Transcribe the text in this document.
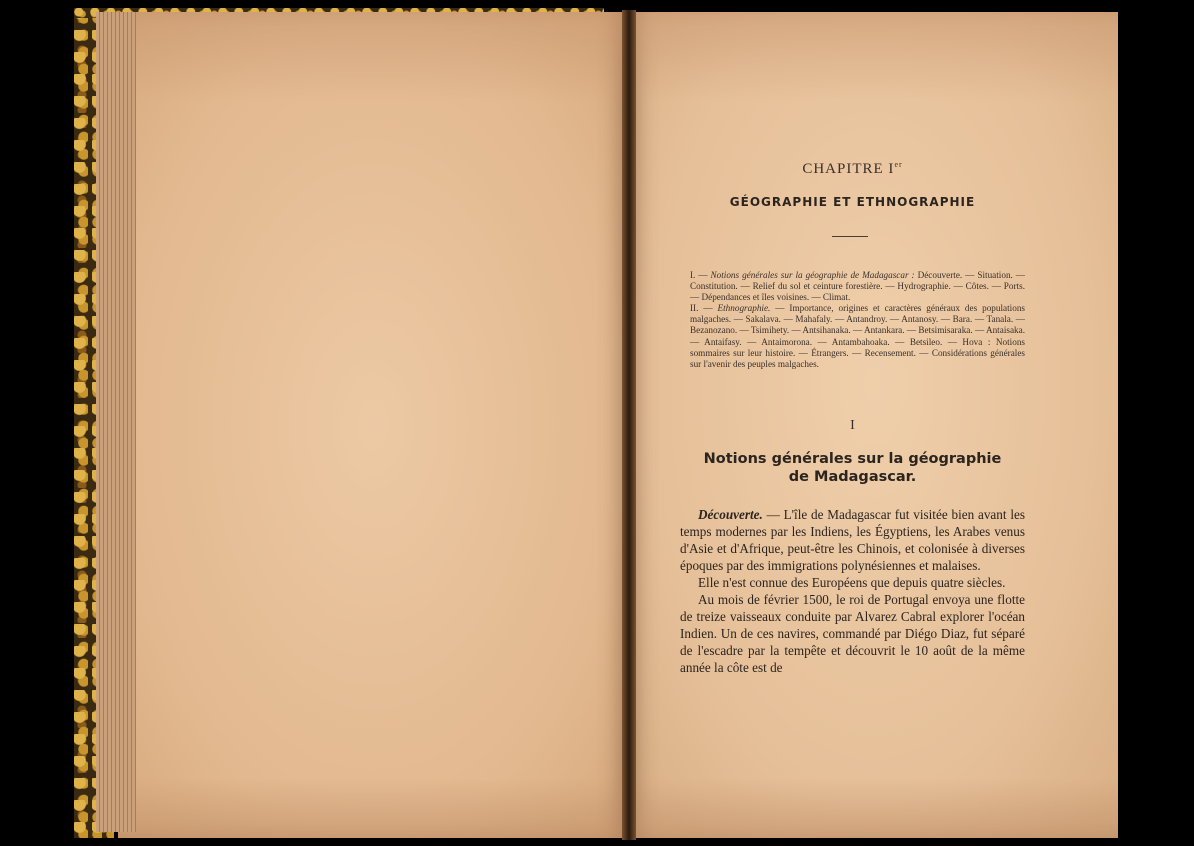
CHAPITRE Ier
GÉOGRAPHIE ET ETHNOGRAPHIE

I. — Notions générales sur la géographie de Madagascar : Découverte. — Situation. — Constitution. — Relief du sol et ceinture forestière. — Hydrographie. — Côtes. — Ports. — Dépendances et îles voisines. — Climat.

II. — Ethnographie. — Importance, origines et caractères généraux des populations malgaches. — Sakalava. — Mahafaly. — Antandroy. — Antanosy. — Bara. — Tanala. — Bezanozano. — Tsimihety. — Antsihanaka. — Antankara. — Betsimisaraka. — Antaisaka. — Antaifasy. — Antaimorona. — Antambahoaka. — Betsileo. — Hova : Notions sommaires sur leur histoire. — Étrangers. — Recensement. — Considérations générales sur l'avenir des peuples malgaches.

I
Notions générales sur la géographie
de Madagascar.

Découverte. — L'île de Madagascar fut visitée bien avant les temps modernes par les Indiens, les Égyptiens, les Arabes venus d'Asie et d'Afrique, peut-être les Chinois, et colonisée à diverses époques par des immigrations polynésiennes et malaises.

Elle n'est connue des Européens que depuis quatre siècles.

Au mois de février 1500, le roi de Portugal envoya une flotte de treize vaisseaux conduite par Alvarez Cabral explorer l'océan Indien. Un de ces navires, commandé par Diégo Diaz, fut séparé de l'escadre par la tempête et découvrit le 10 août de la même année la côte est de
